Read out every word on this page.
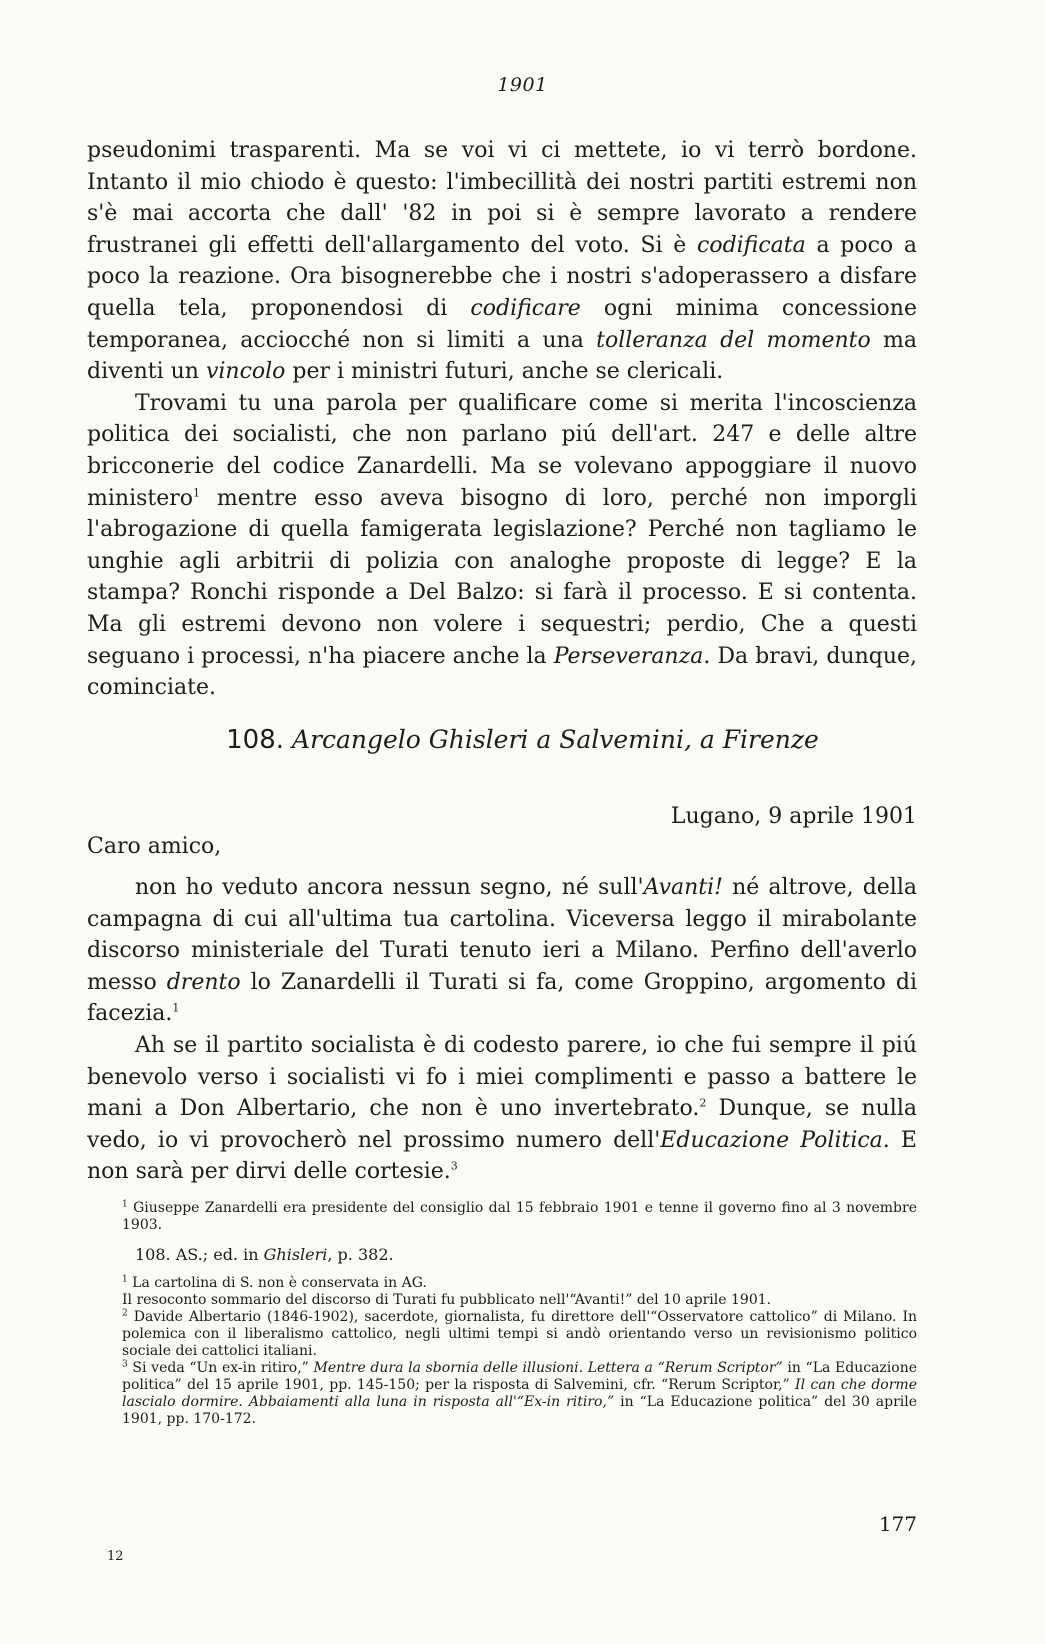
1901

pseudonimi trasparenti. Ma se voi vi ci mettete, io vi terrò bordone. Intanto il mio chiodo è questo: l'imbecillità dei nostri partiti estremi non s'è mai accorta che dall' '82 in poi si è sempre lavorato a rendere frustranei gli effetti dell'allargamento del voto. Si è codificata a poco a poco la reazione. Ora bisognerebbe che i nostri s'adoperassero a disfare quella tela, proponendosi di codificare ogni minima concessione temporanea, acciocché non si limiti a una tolleranza del momento ma diventi un vincolo per i ministri futuri, anche se clericali.

Trovami tu una parola per qualificare come si merita l'incoscienza politica dei socialisti, che non parlano piú dell'art. 247 e delle altre bricconerie del codice Zanardelli. Ma se volevano appoggiare il nuovo ministero$^1$ mentre esso aveva bisogno di loro, perché non imporgli l'abrogazione di quella famigerata legislazione? Perché non tagliamo le unghie agli arbitrii di polizia con analoghe proposte di legge? E la stampa? Ronchi risponde a Del Balzo: si farà il processo. E si contenta. Ma gli estremi devono non volere i sequestri; perdio, Che a questi seguano i processi, n'ha piacere anche la Perseveranza. Da bravi, dunque, cominciate.

108. Arcangelo Ghisleri a Salvemini, a Firenze
Lugano, 9 aprile 1901
Caro amico,

non ho veduto ancora nessun segno, né sull'Avanti! né altrove, della campagna di cui all'ultima tua cartolina. Viceversa leggo il mirabolante discorso ministeriale del Turati tenuto ieri a Milano. Perfino dell'averlo messo drento lo Zanardelli il Turati si fa, come Groppino, argomento di facezia.$^1$

Ah se il partito socialista è di codesto parere, io che fui sempre il piú benevolo verso i socialisti vi fo i miei complimenti e passo a battere le mani a Don Albertario, che non è uno invertebrato.$^2$ Dunque, se nulla vedo, io vi provocherò nel prossimo numero dell'Educazione Politica. E non sarà per dirvi delle cortesie.$^3$

$^1$ Giuseppe Zanardelli era presidente del consiglio dal 15 febbraio 1901 e tenne il governo fino al 3 novembre 1903.

108. AS.; ed. in Ghisleri, p. 382.

$^1$ La cartolina di S. non è conservata in AG.

Il resoconto sommario del discorso di Turati fu pubblicato nell'“Avanti!” del 10 aprile 1901.

$^2$ Davide Albertario (1846-1902), sacerdote, giornalista, fu direttore dell'“Osservatore cattolico” di Milano. In polemica con il liberalismo cattolico, negli ultimi tempi si andò orientando verso un revisionismo politico sociale dei cattolici italiani.

$^3$ Si veda “Un ex-in ritiro,” Mentre dura la sbornia delle illusioni. Lettera a “Rerum Scriptor” in “La Educazione politica” del 15 aprile 1901, pp. 145-150; per la risposta di Salvemini, cfr. “Rerum Scriptor,” Il can che dorme lascialo dormire. Abbaiamenti alla luna in risposta all'“Ex-in ritiro,” in “La Educazione politica” del 30 aprile 1901, pp. 170-172.

177
12
